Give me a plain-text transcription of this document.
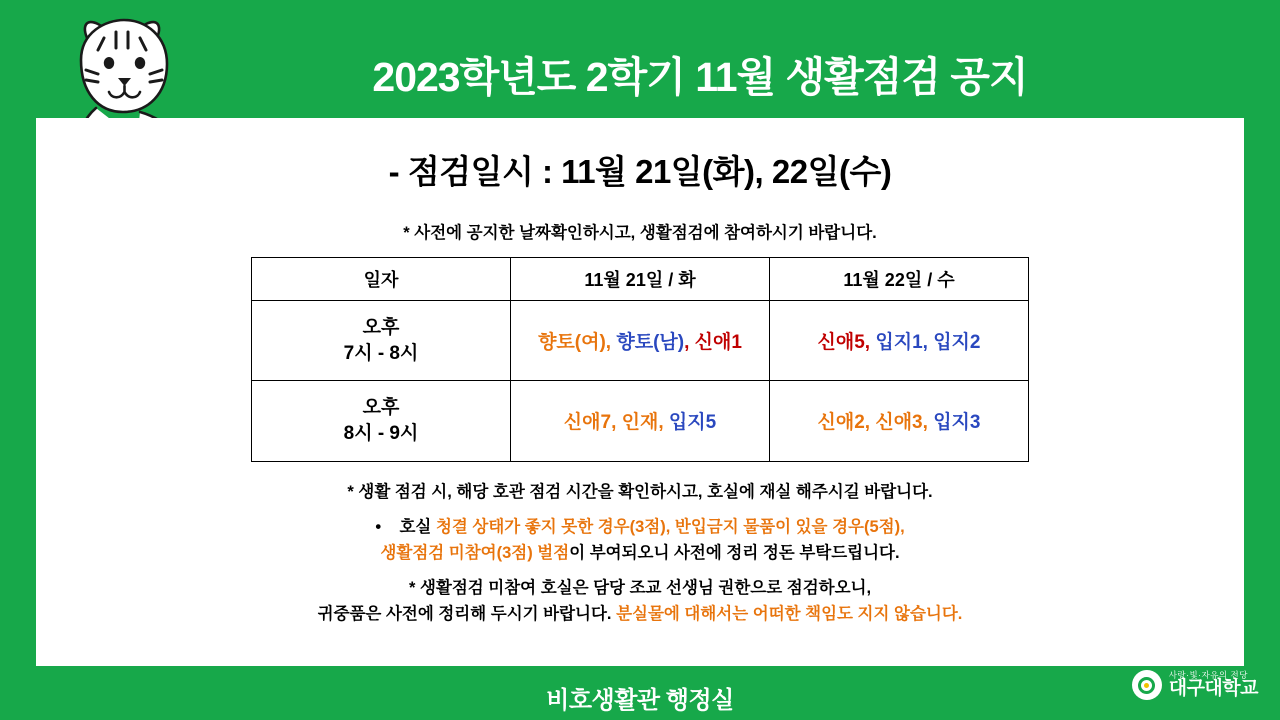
2023학년도 2학기 11월 생활점검 공지
- 점검일시 : 11월 21일(화), 22일(수)
* 사전에 공지한 날짜확인하시고, 생활점검에 참여하시기 바랍니다.
일자	11월 21일 / 화	11월 22일 / 수
오후
7시 - 8시	향토(여), 향토(남), 신애1	신애5, 입지1, 입지2
오후
8시 - 9시	신애7, 인재, 입지5	신애2, 신애3, 입지3
* 생활 점검 시, 해당 호관 점검 시간을 확인하시고, 호실에 재실 해주시길 바랍니다.
• 호실 청결 상태가 좋지 못한 경우(3점), 반입금지 물품이 있을 경우(5점),
생활점검 미참여(3점) 벌점이 부여되오니 사전에 정리 정돈 부탁드립니다.
* 생활점검 미참여 호실은 담당 조교 선생님 권한으로 점검하오니,
귀중품은 사전에 정리해 두시기 바랍니다. 분실물에 대해서는 어떠한 책임도 지지 않습니다.
비호생활관 행정실
사랑·빛·자유의 전당
대구대학교
